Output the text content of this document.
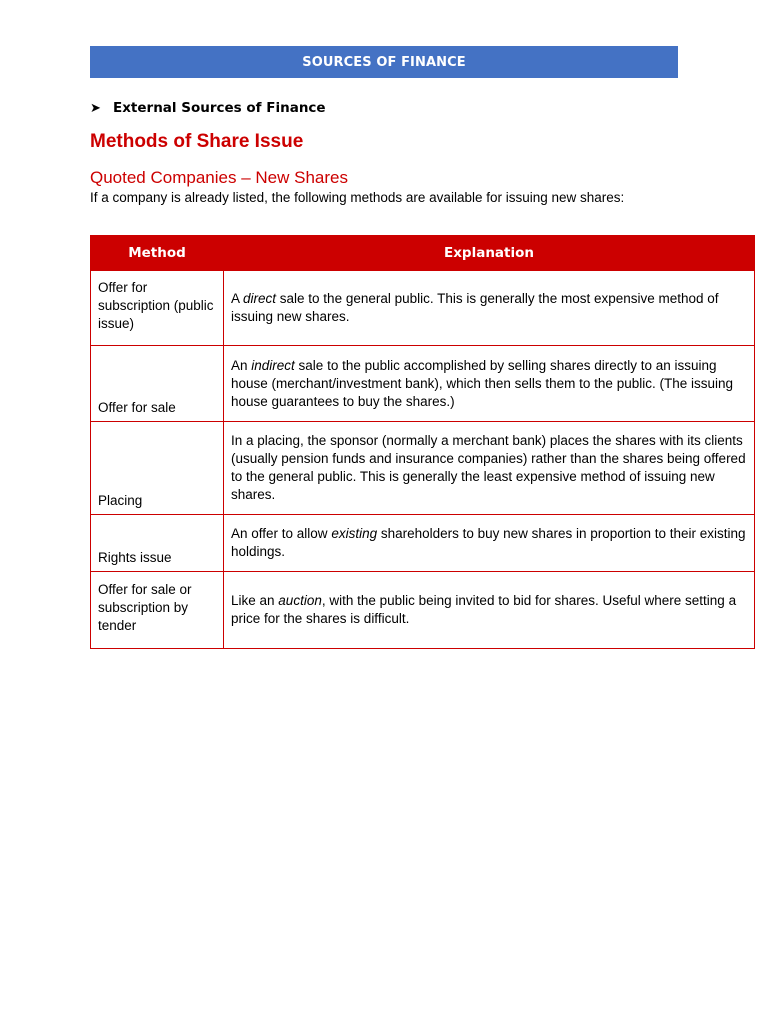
SOURCES OF FINANCE
➤ External Sources of Finance
Methods of Share Issue
Quoted Companies – New Shares
If a company is already listed, the following methods are available for issuing new shares:
Method	Explanation
Offer for subscription (public issue)	A direct sale to the general public. This is generally the most expensive method of issuing new shares.
Offer for sale	An indirect sale to the public accomplished by selling shares directly to an issuing house (merchant/investment bank), which then sells them to the public. (The issuing house guarantees to buy the shares.)
Placing	In a placing, the sponsor (normally a merchant bank) places the shares with its clients (usually pension funds and insurance companies) rather than the shares being offered to the general public. This is generally the least expensive method of issuing new shares.
Rights issue	An offer to allow existing shareholders to buy new shares in proportion to their existing holdings.
Offer for sale or subscription by tender	Like an auction, with the public being invited to bid for shares. Useful where setting a price for the shares is difficult.
